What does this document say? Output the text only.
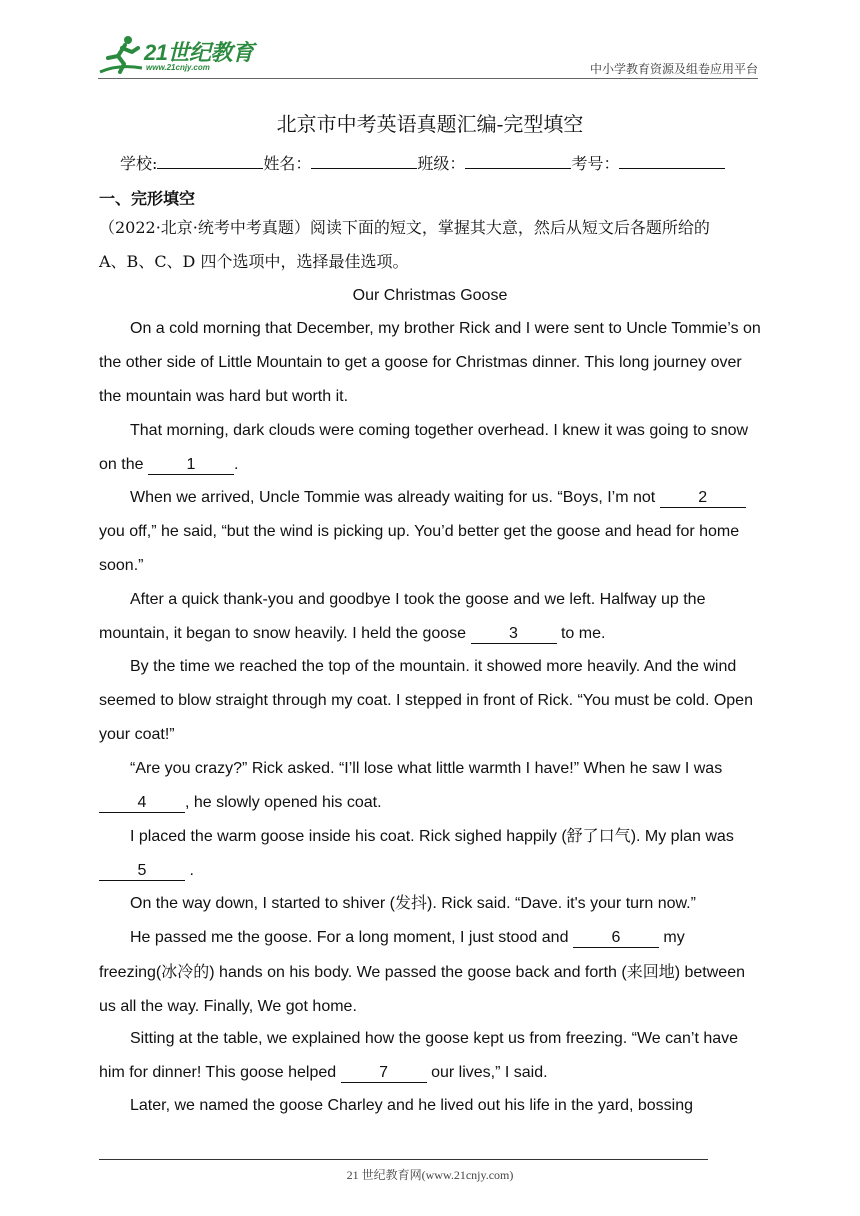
21世纪教育
www.21cnjy.com	中小学教育资源及组卷应用平台
北京市中考英语真题汇编-完型填空
学校:	姓名：	班级：	考号：
一、完形填空
（2022·北京·统考中考真题）阅读下面的短文，掌握其大意，然后从短文后各题所给的
A、B、C、D 四个选项中，选择最佳选项。
Our Christmas Goose
On a cold morning that December, my brother Rick and I were sent to Uncle Tommie’s on the other side of Little Mountain to get a goose for Christmas dinner. This long journey over the mountain was hard but worth it.
That morning, dark clouds were coming together overhead. I knew it was going to snow on the 1 .
When we arrived, Uncle Tommie was already waiting for us. “Boys, I’m not 2 you off,” he said, “but the wind is picking up. You’d better get the goose and head for home soon.”
After a quick thank-you and goodbye I took the goose and we left. Halfway up the mountain, it began to snow heavily. I held the goose 3 to me.
By the time we reached the top of the mountain. it showed more heavily. And the wind seemed to blow straight through my coat. I stepped in front of Rick. “You must be cold. Open your coat!”
“Are you crazy?” Rick asked. “I’ll lose what little warmth I have!” When he saw I was 4 , he slowly opened his coat.
I placed the warm goose inside his coat. Rick sighed happily (舒了口气). My plan was 5 .
On the way down, I started to shiver (发抖). Rick said. “Dave. it's your turn now.”
He passed me the goose. For a long moment, I just stood and 6 my freezing(冰冷的) hands on his body. We passed the goose back and forth (来回地) between us all the way. Finally, We got home.
Sitting at the table, we explained how the goose kept us from freezing. “We can’t have him for dinner! This goose helped 7 our lives,” I said.
Later, we named the goose Charley and he lived out his life in the yard, bossing
21 世纪教育网(www.21cnjy.com)
